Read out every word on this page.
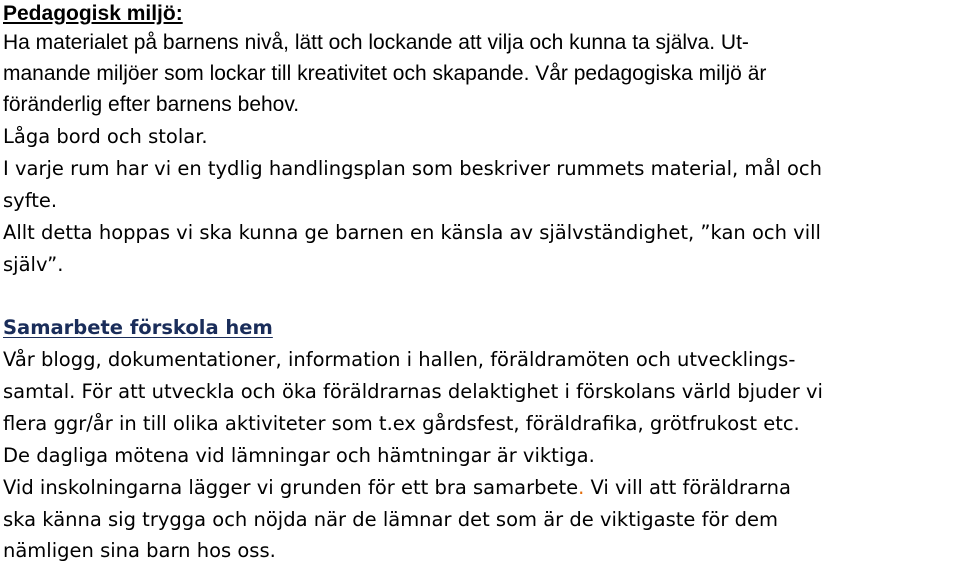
Pedagogisk miljö:
Ha materialet på barnens nivå, lätt och lockande att vilja och kunna ta själva. Ut-
manande miljöer som lockar till kreativitet och skapande. Vår pedagogiska miljö är
föränderlig efter barnens behov.
Låga bord och stolar.
I varje rum har vi en tydlig handlingsplan som beskriver rummets material, mål och
syfte.
Allt detta hoppas vi ska kunna ge barnen en känsla av självständighet, ”kan och vill
själv”.
Samarbete förskola hem
Vår blogg, dokumentationer, information i hallen, föräldramöten och utvecklings-
samtal. För att utveckla och öka föräldrarnas delaktighet i förskolans värld bjuder vi
flera ggr/år in till olika aktiviteter som t.ex gårdsfest, föräldrafika, grötfrukost etc.
De dagliga mötena vid lämningar och hämtningar är viktiga.
Vid inskolningarna lägger vi grunden för ett bra samarbete. Vi vill att föräldrarna
ska känna sig trygga och nöjda när de lämnar det som är de viktigaste för dem
nämligen sina barn hos oss.
